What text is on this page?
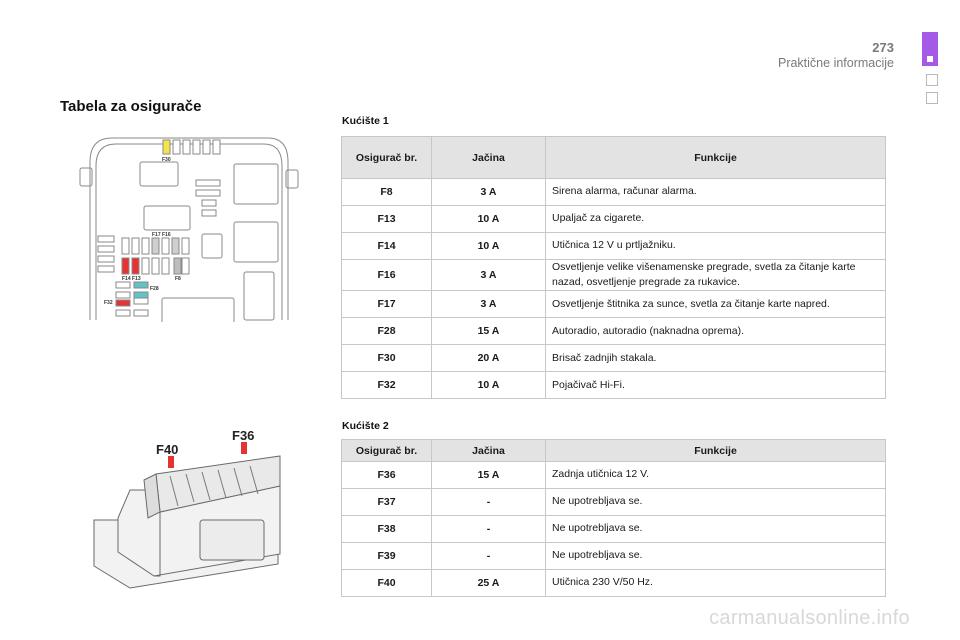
273
Praktične informacije
Tabela za osigurače
F30
F17 F16
F14 F13	F8
F28
F32
F40
F36
Kućište 1
Osigurač br.	Jačina	Funkcije
F8	3 A	Sirena alarma, računar alarma.
F13	10 A	Upaljač za cigarete.
F14	10 A	Utičnica 12 V u prtljažniku.
F16	3 A	Osvetljenje velike višenamenske pregrade, svetla za čitanje karte nazad, osvetljenje pregrade za rukavice.
F17	3 A	Osvetljenje štitnika za sunce, svetla za čitanje karte napred.
F28	15 A	Autoradio, autoradio (naknadna oprema).
F30	20 A	Brisač zadnjih stakala.
F32	10 A	Pojačivač Hi-Fi.
Kućište 2
Osigurač br.	Jačina	Funkcije
F36	15 A	Zadnja utičnica 12 V.
F37	-	Ne upotrebljava se.
F38	-	Ne upotrebljava se.
F39	-	Ne upotrebljava se.
F40	25 A	Utičnica 230 V/50 Hz.
carmanualsonline.info
